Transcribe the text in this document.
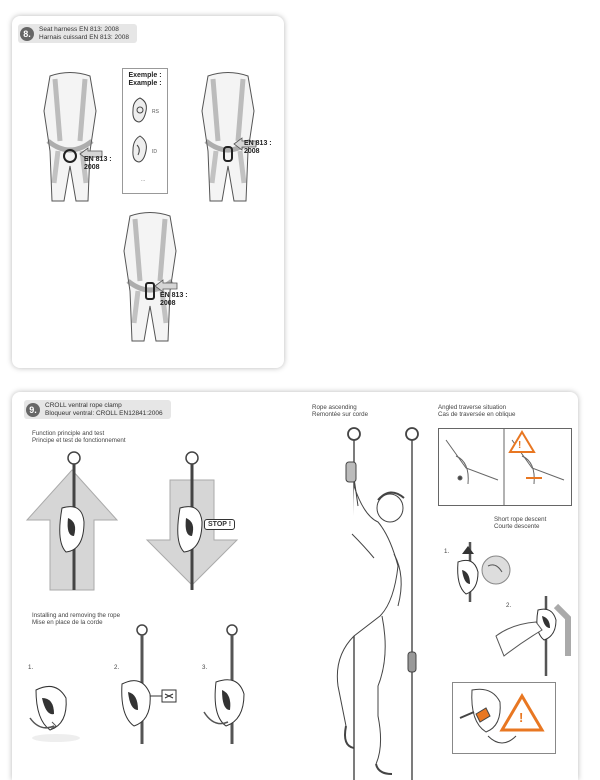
8.	Seat harness EN 813: 2008
Harnais cuissard EN 813: 2008
EN 813 :
2008
Exemple :
Example :
RS
ID
...
EN 813 :
2008
EN 813 :
2008
9.	CROLL ventral rope clamp
Bloqueur ventral: CROLL EN12841:2006
Function principle and test
Principe et test de fonctionnement
STOP !
Installing and removing the rope
Mise en place de la corde
1.	2.	3.
Rope ascending
Remontée sur corde
Angled traverse situation
Cas de traversée en oblique
!
Short rope descent
Courte descente
1.
2.
!
